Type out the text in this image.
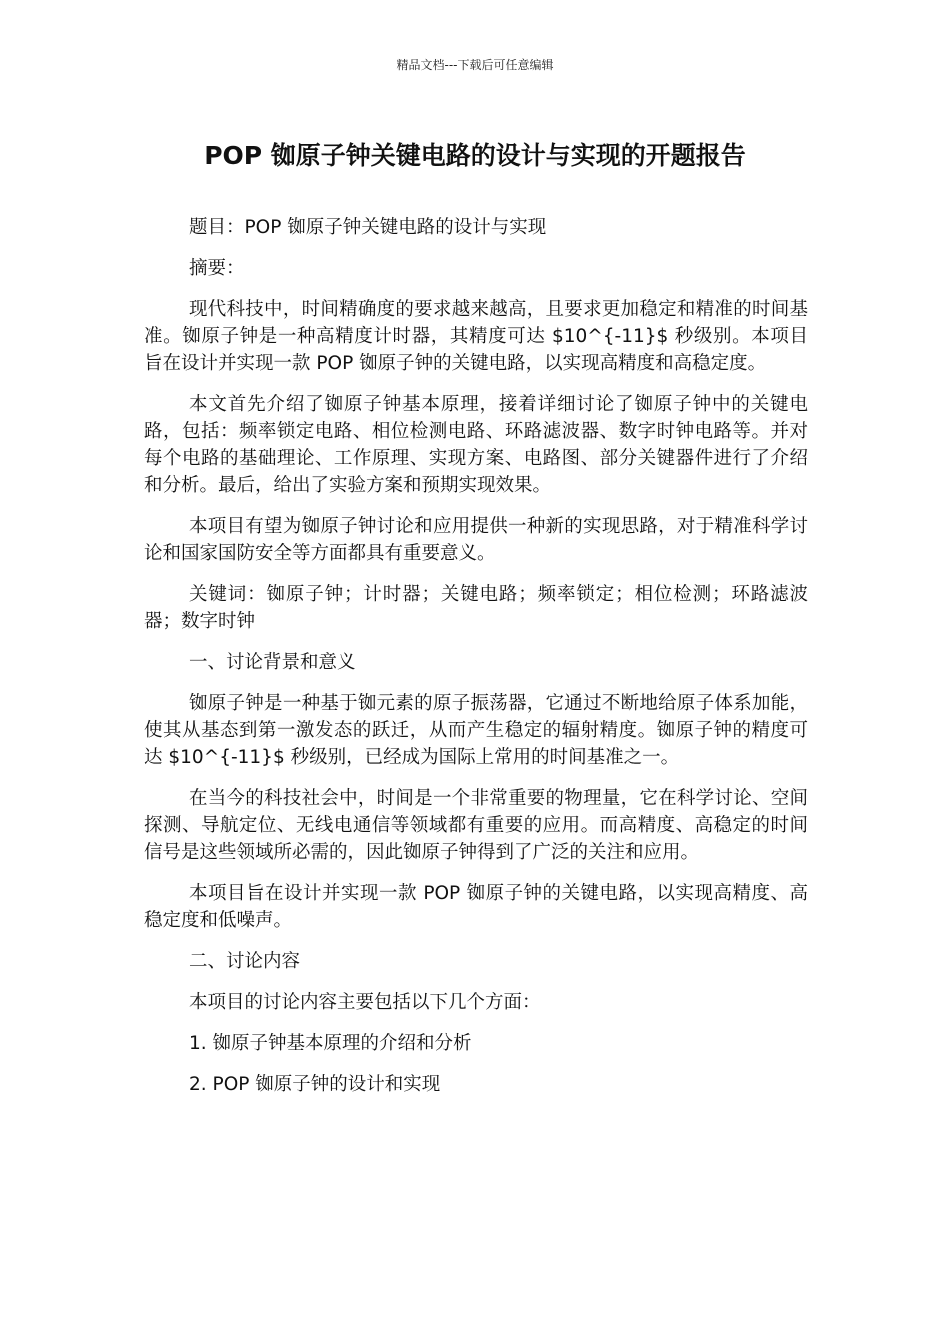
精品文档---下载后可任意编辑
POP 铷原子钟关键电路的设计与实现的开题报告

题目：POP 铷原子钟关键电路的设计与实现

摘要：

现代科技中，时间精确度的要求越来越高，且要求更加稳定和精准的时间基准。铷原子钟是一种高精度计时器，其精度可达 $10^{-11}$ 秒级别。本项目旨在设计并实现一款 POP 铷原子钟的关键电路，以实现高精度和高稳定度。

本文首先介绍了铷原子钟基本原理，接着详细讨论了铷原子钟中的关键电路，包括：频率锁定电路、相位检测电路、环路滤波器、数字时钟电路等。并对每个电路的基础理论、工作原理、实现方案、电路图、部分关键器件进行了介绍和分析。最后，给出了实验方案和预期实现效果。

本项目有望为铷原子钟讨论和应用提供一种新的实现思路，对于精准科学讨论和国家国防安全等方面都具有重要意义。

关键词：铷原子钟；计时器；关键电路；频率锁定；相位检测；环路滤波器；数字时钟

一、讨论背景和意义

铷原子钟是一种基于铷元素的原子振荡器，它通过不断地给原子体系加能，使其从基态到第一激发态的跃迁，从而产生稳定的辐射精度。铷原子钟的精度可达 $10^{-11}$ 秒级别，已经成为国际上常用的时间基准之一。

在当今的科技社会中，时间是一个非常重要的物理量，它在科学讨论、空间探测、导航定位、无线电通信等领域都有重要的应用。而高精度、高稳定的时间信号是这些领域所必需的，因此铷原子钟得到了广泛的关注和应用。

本项目旨在设计并实现一款 POP 铷原子钟的关键电路，以实现高精度、高稳定度和低噪声。

二、讨论内容

本项目的讨论内容主要包括以下几个方面：

1. 铷原子钟基本原理的介绍和分析

2. POP 铷原子钟的设计和实现
